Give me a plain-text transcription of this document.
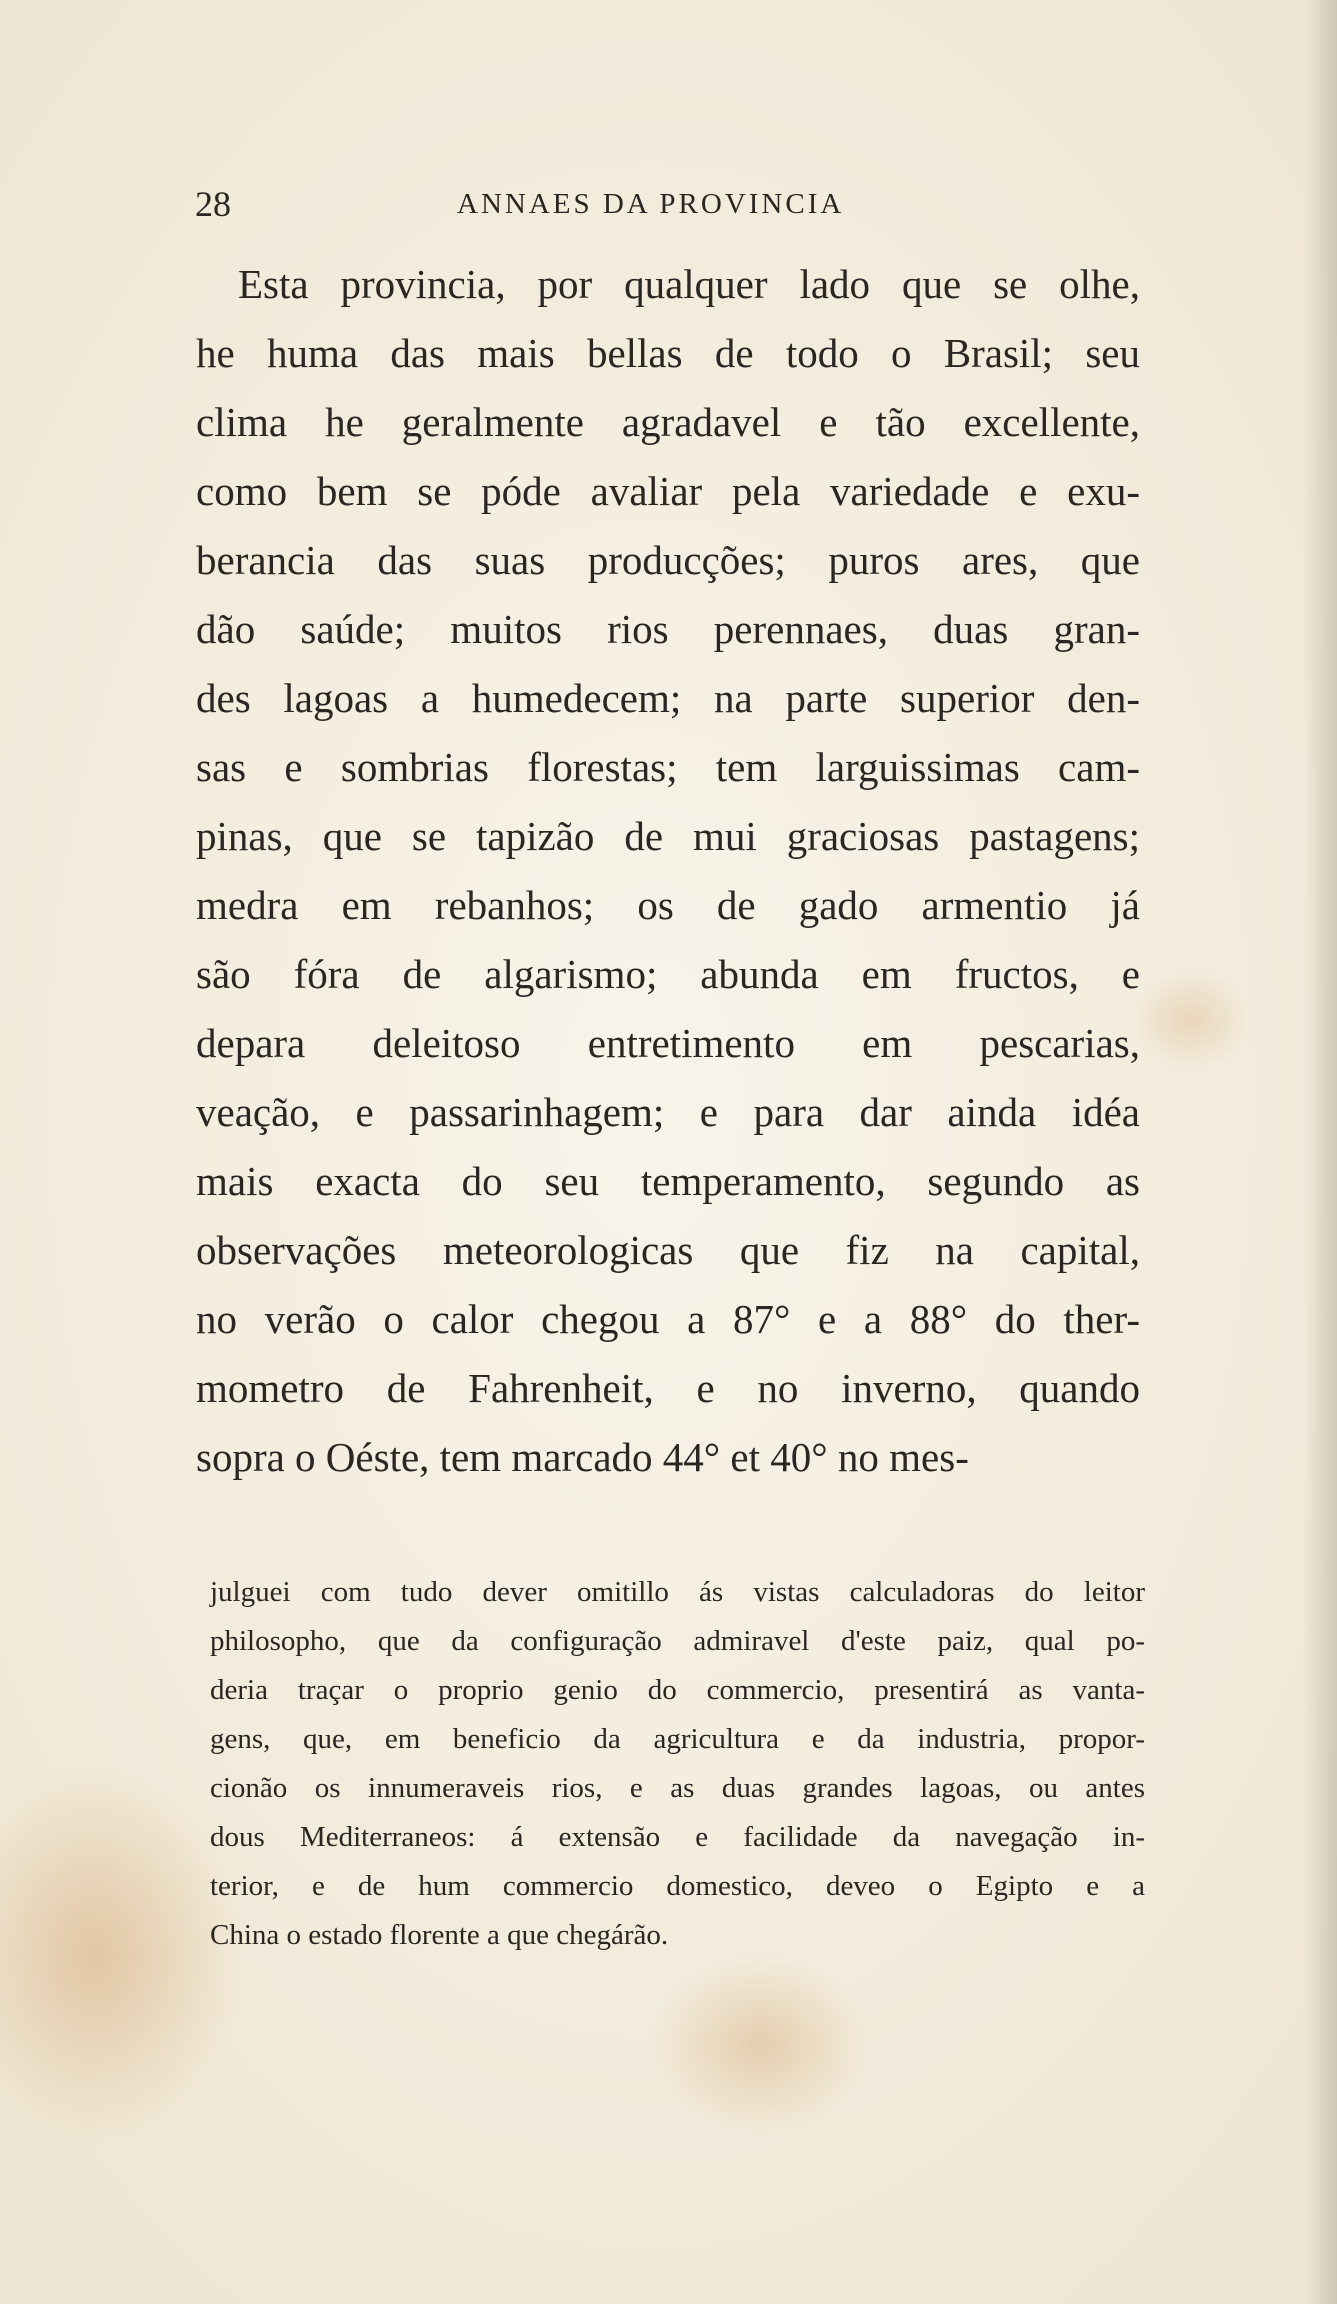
28	ANNAES DA PROVINCIA
Esta provincia, por qualquer lado que se olhe,
he huma das mais bellas de todo o Brasil; seu
clima he geralmente agradavel e tão excellente,
como bem se póde avaliar pela variedade e exu-
berancia das suas producções; puros ares, que
dão saúde; muitos rios perennaes, duas gran-
des lagoas a humedecem; na parte superior den-
sas e sombrias florestas; tem larguissimas cam-
pinas, que se tapizão de mui graciosas pastagens;
medra em rebanhos; os de gado armentio já
são fóra de algarismo; abunda em fructos, e
depara deleitoso entretimento em pescarias,
veação, e passarinhagem; e para dar ainda idéa
mais exacta do seu temperamento, segundo as
observações meteorologicas que fiz na capital,
no verão o calor chegou a 87° e a 88° do ther-
mometro de Fahrenheit, e no inverno, quando
sopra o Oéste, tem marcado 44° et 40° no mes-
julguei com tudo dever omitillo ás vistas calculadoras do leitor
philosopho, que da configuração admiravel d'este paiz, qual po-
deria traçar o proprio genio do commercio, presentirá as vanta-
gens, que, em beneficio da agricultura e da industria, propor-
cionão os innumeraveis rios, e as duas grandes lagoas, ou antes
dous Mediterraneos: á extensão e facilidade da navegação in-
terior, e de hum commercio domestico, deveo o Egipto e a
China o estado florente a que chegárão.
